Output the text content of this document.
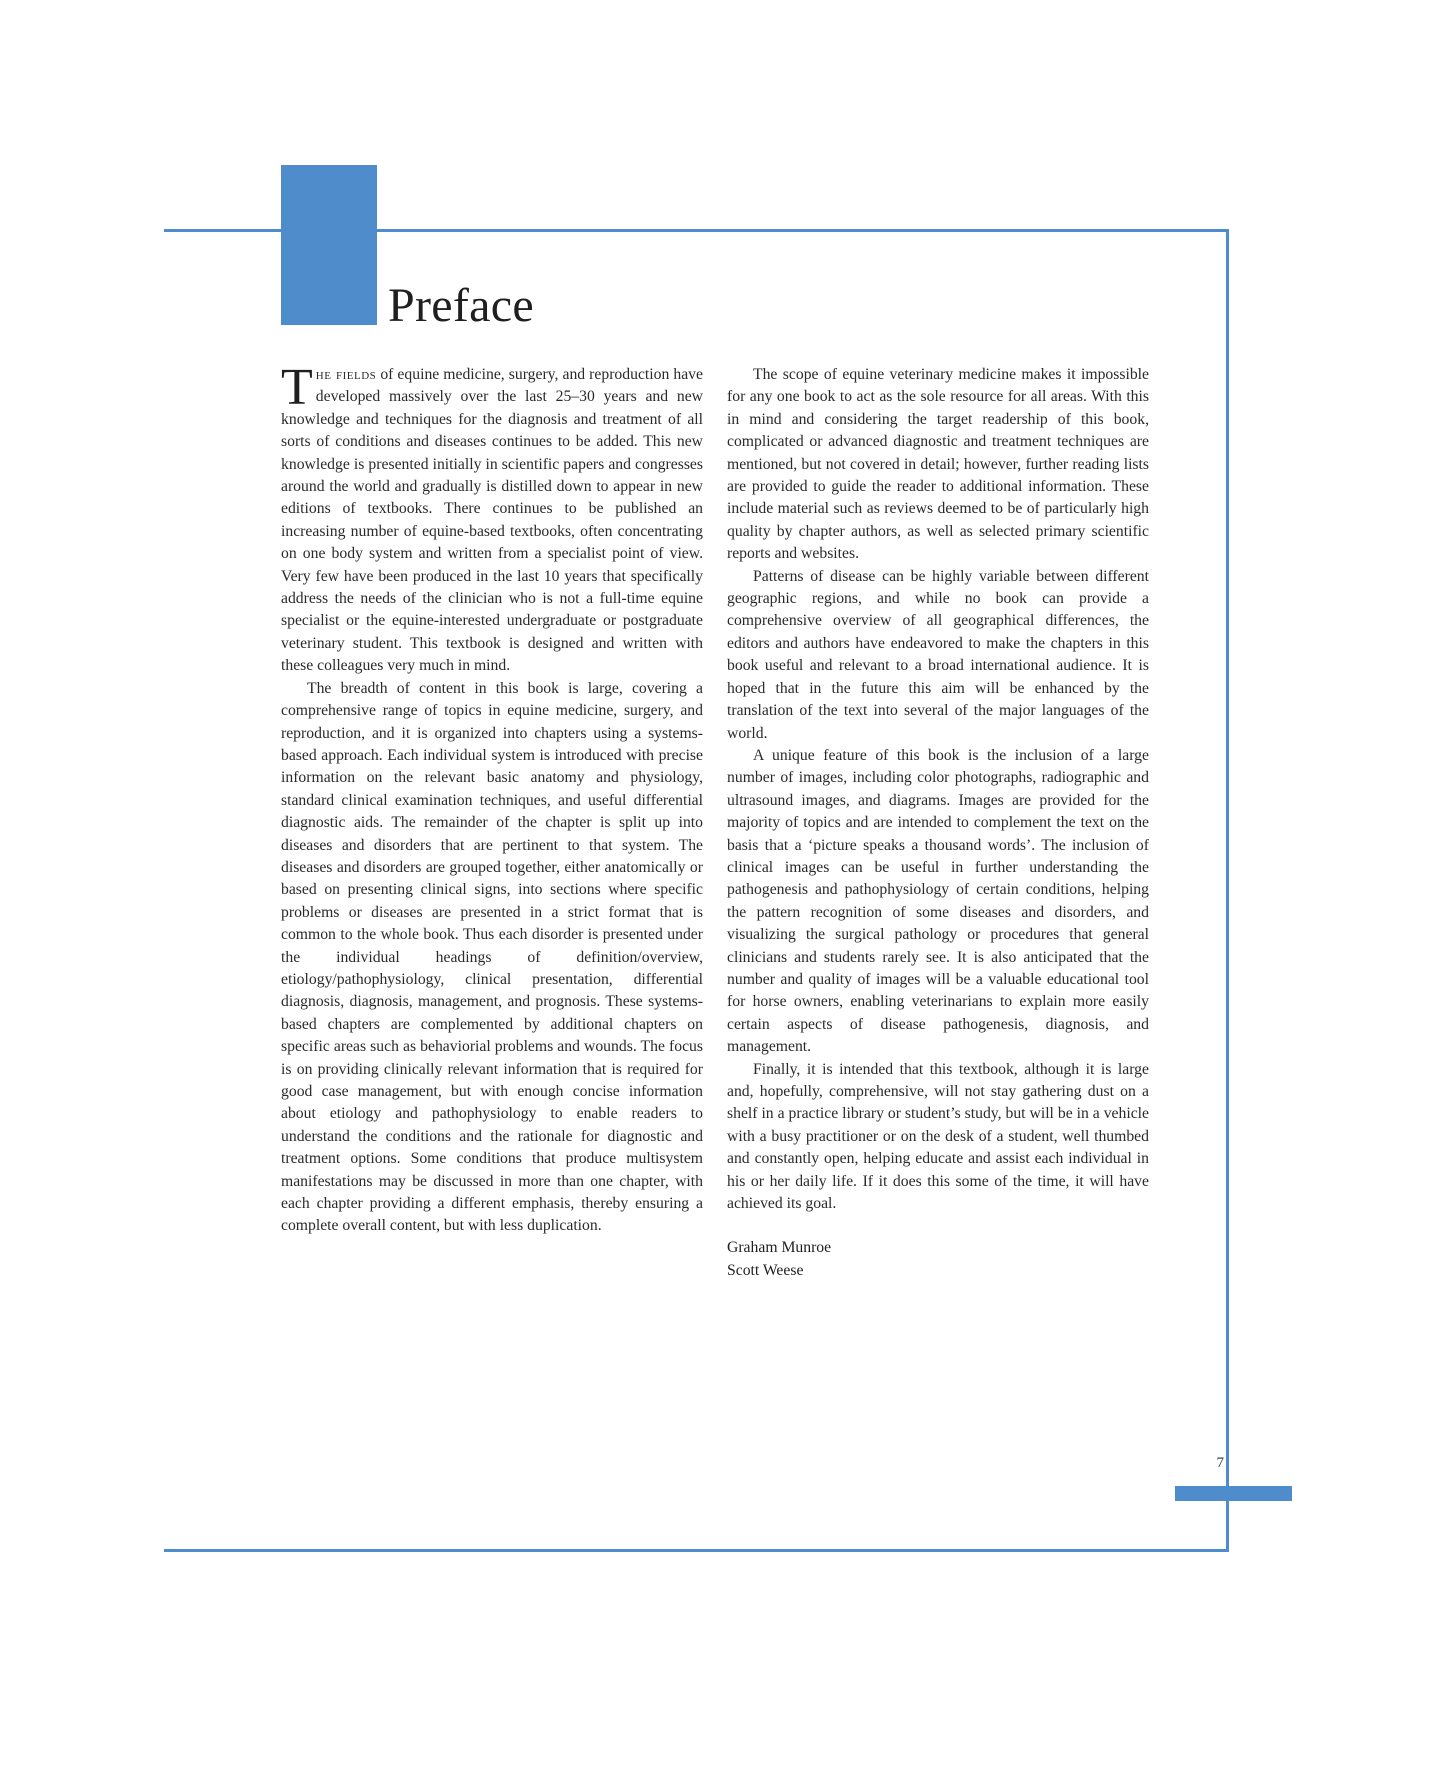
7
Preface

The fields of equine medicine, surgery, and reproduction have developed massively over the last 25–30 years and new knowledge and techniques for the diagnosis and treatment of all sorts of conditions and diseases continues to be added. This new knowledge is presented initially in scientific papers and congresses around the world and gradually is distilled down to appear in new editions of textbooks. There continues to be published an increasing number of equine-based textbooks, often concentrating on one body system and written from a specialist point of view. Very few have been produced in the last 10 years that specifically address the needs of the clinician who is not a full-time equine specialist or the equine-interested undergraduate or postgraduate veterinary student. This textbook is designed and written with these colleagues very much in mind.

The breadth of content in this book is large, covering a comprehensive range of topics in equine medicine, surgery, and reproduction, and it is organized into chapters using a systems-based approach. Each individual system is introduced with precise information on the relevant basic anatomy and physiology, standard clinical examination techniques, and useful differential diagnostic aids. The remainder of the chapter is split up into diseases and disorders that are pertinent to that system. The diseases and disorders are grouped together, either anatomically or based on presenting clinical signs, into sections where specific problems or diseases are presented in a strict format that is common to the whole book. Thus each disorder is presented under the individual headings of definition/overview, etiology/pathophysiology, clinical presentation, differential diagnosis, diagnosis, management, and prognosis. These systems-based chapters are complemented by additional chapters on specific areas such as behaviorial problems and wounds. The focus is on providing clinically relevant information that is required for good case management, but with enough concise information about etiology and pathophysiology to enable readers to understand the conditions and the rationale for diagnostic and treatment options. Some conditions that produce multisystem manifestations may be discussed in more than one chapter, with each chapter providing a different emphasis, thereby ensuring a complete overall content, but with less duplication.

The scope of equine veterinary medicine makes it impossible for any one book to act as the sole resource for all areas. With this in mind and considering the target readership of this book, complicated or advanced diagnostic and treatment techniques are mentioned, but not covered in detail; however, further reading lists are provided to guide the reader to additional information. These include material such as reviews deemed to be of particularly high quality by chapter authors, as well as selected primary scientific reports and websites.

Patterns of disease can be highly variable between different geographic regions, and while no book can provide a comprehensive overview of all geographical differences, the editors and authors have endeavored to make the chapters in this book useful and relevant to a broad international audience. It is hoped that in the future this aim will be enhanced by the translation of the text into several of the major languages of the world.

A unique feature of this book is the inclusion of a large number of images, including color photographs, radiographic and ultrasound images, and diagrams. Images are provided for the majority of topics and are intended to complement the text on the basis that a ‘picture speaks a thousand words’. The inclusion of clinical images can be useful in further understanding the pathogenesis and pathophysiology of certain conditions, helping the pattern recognition of some diseases and disorders, and visualizing the surgical pathology or procedures that general clinicians and students rarely see. It is also anticipated that the number and quality of images will be a valuable educational tool for horse owners, enabling veterinarians to explain more easily certain aspects of disease pathogenesis, diagnosis, and management.

Finally, it is intended that this textbook, although it is large and, hopefully, comprehensive, will not stay gathering dust on a shelf in a practice library or student’s study, but will be in a vehicle with a busy practitioner or on the desk of a student, well thumbed and constantly open, helping educate and assist each individual in his or her daily life. If it does this some of the time, it will have achieved its goal.

Graham Munroe
Scott Weese
